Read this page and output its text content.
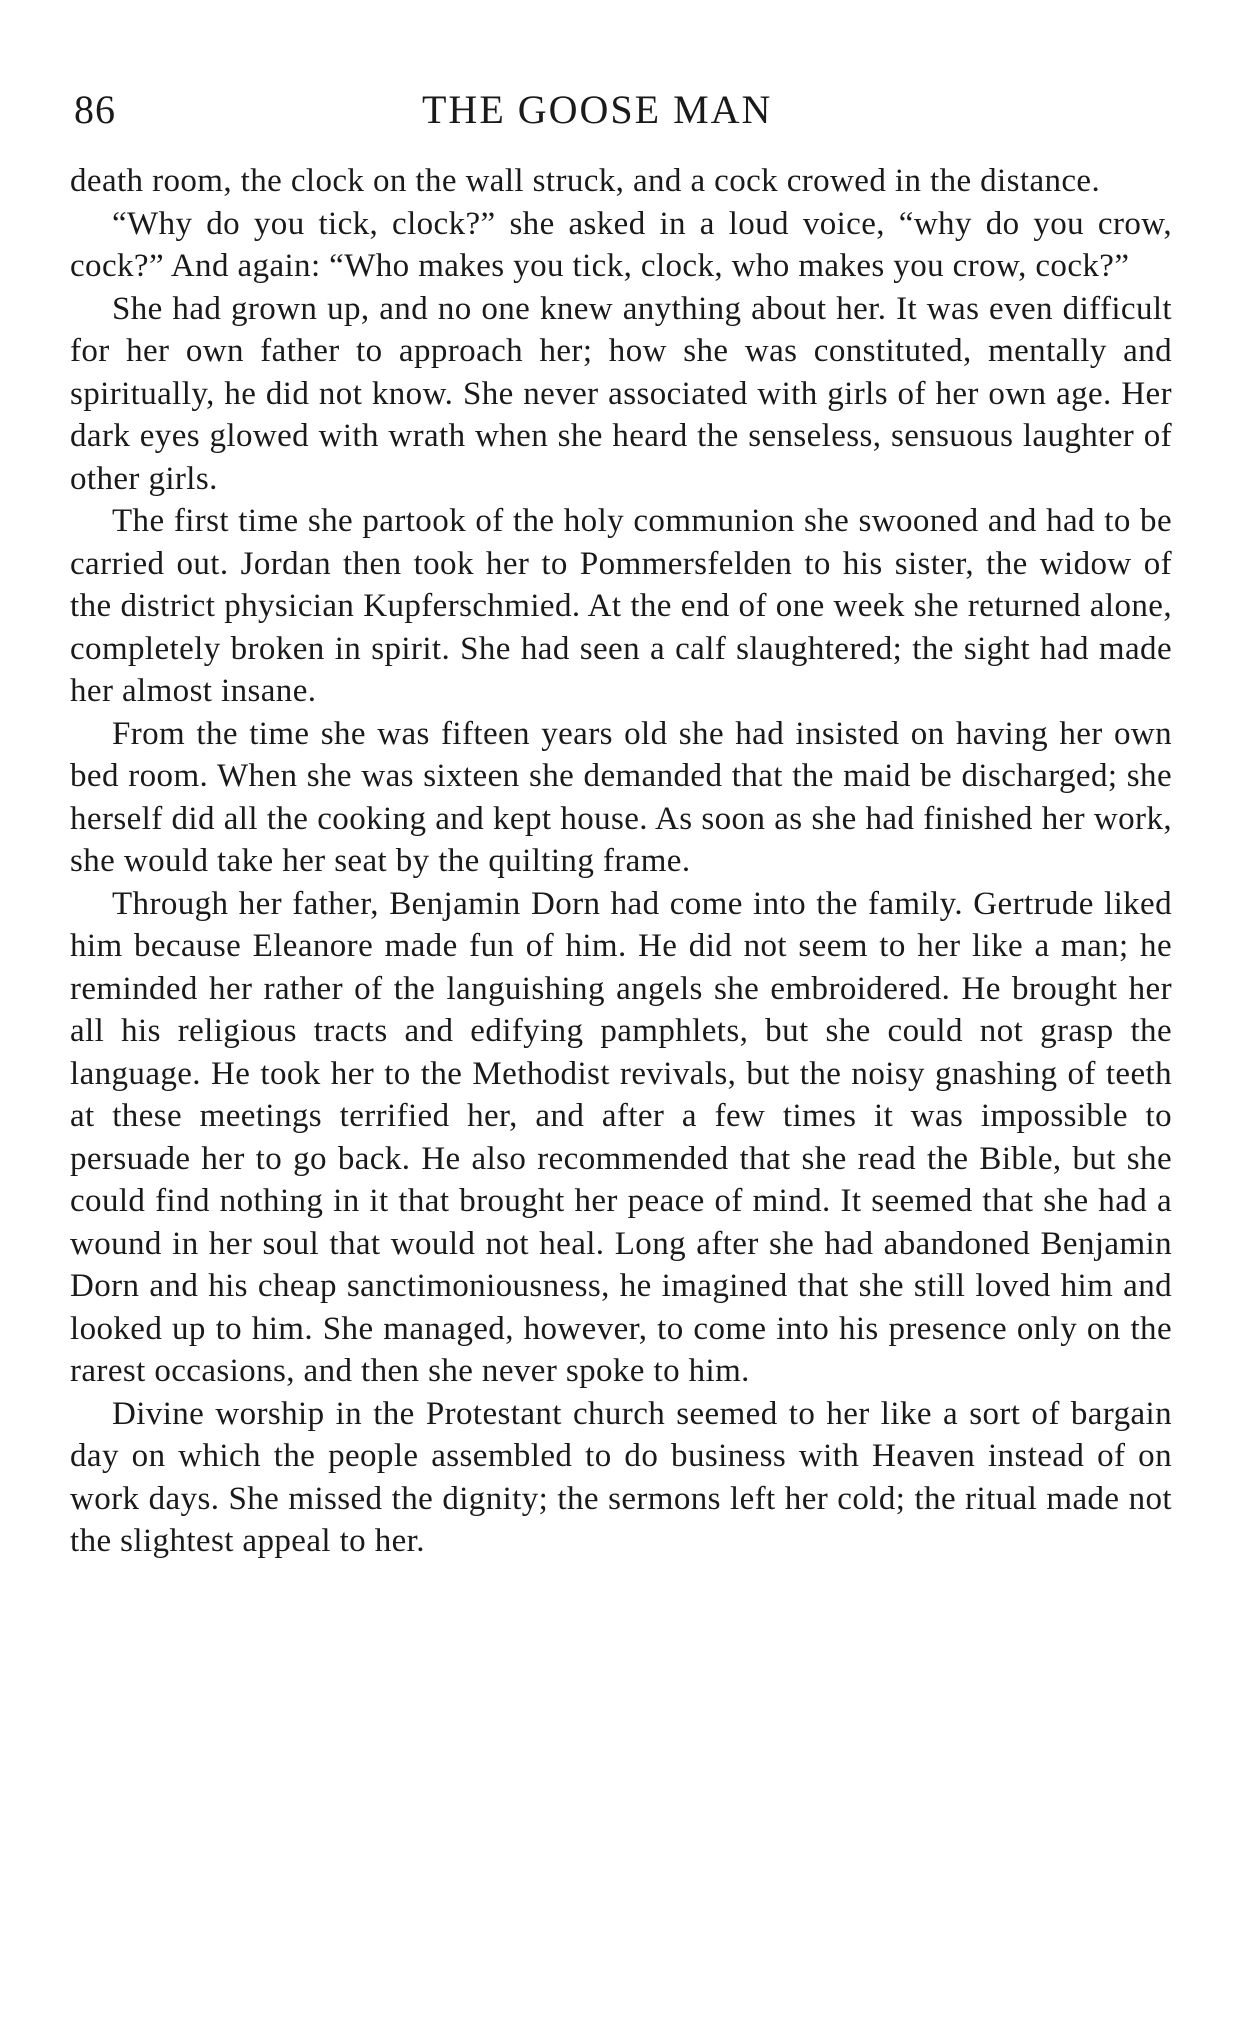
86	THE GOOSE MAN

death room, the clock on the wall struck, and a cock crowed in the distance.

“Why do you tick, clock?” she asked in a loud voice, “why do you crow, cock?” And again: “Who makes you tick, clock, who makes you crow, cock?”

She had grown up, and no one knew anything about her. It was even difficult for her own father to approach her; how she was constituted, mentally and spiritually, he did not know. She never associated with girls of her own age. Her dark eyes glowed with wrath when she heard the senseless, sensuous laughter of other girls.

The first time she partook of the holy communion she swooned and had to be carried out. Jordan then took her to Pommersfelden to his sister, the widow of the district physician Kupferschmied. At the end of one week she returned alone, completely broken in spirit. She had seen a calf slaughtered; the sight had made her almost insane.

From the time she was fifteen years old she had insisted on having her own bed room. When she was sixteen she demanded that the maid be discharged; she herself did all the cooking and kept house. As soon as she had finished her work, she would take her seat by the quilting frame.

Through her father, Benjamin Dorn had come into the family. Gertrude liked him because Eleanore made fun of him. He did not seem to her like a man; he reminded her rather of the languishing angels she embroidered. He brought her all his religious tracts and edifying pamphlets, but she could not grasp the language. He took her to the Methodist revivals, but the noisy gnashing of teeth at these meetings terrified her, and after a few times it was impossible to persuade her to go back. He also recommended that she read the Bible, but she could find nothing in it that brought her peace of mind. It seemed that she had a wound in her soul that would not heal. Long after she had abandoned Benjamin Dorn and his cheap sanctimoniousness, he imagined that she still loved him and looked up to him. She managed, however, to come into his presence only on the rarest occasions, and then she never spoke to him.

Divine worship in the Protestant church seemed to her like a sort of bargain day on which the people assembled to do business with Heaven instead of on work days. She missed the dignity; the sermons left her cold; the ritual made not the slightest appeal to her.
